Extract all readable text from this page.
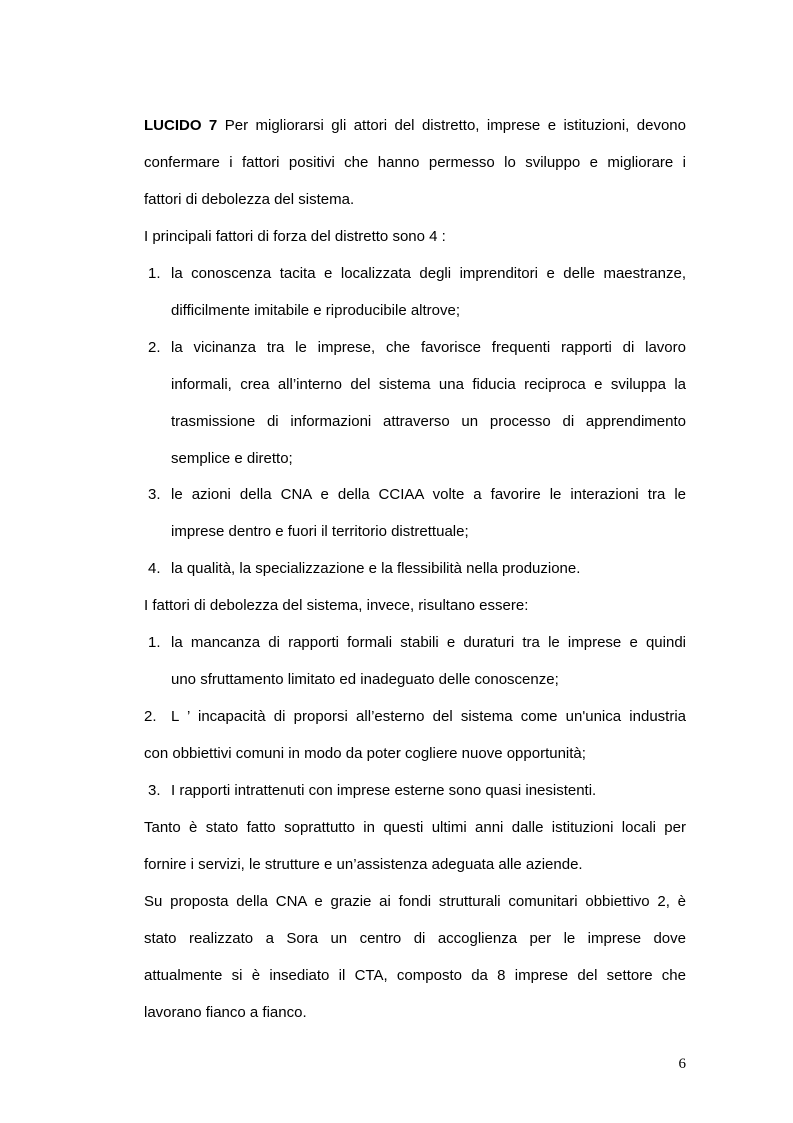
LUCIDO 7 Per migliorarsi gli attori del distretto, imprese e istituzioni, devono

confermare i fattori positivi che hanno permesso lo sviluppo e migliorare i

fattori di debolezza del sistema.

I principali fattori di forza del distretto sono 4 :

1. la conoscenza tacita e localizzata degli imprenditori e delle maestranze,
difficilmente imitabile e riproducibile altrove;
2. la vicinanza tra le imprese, che favorisce frequenti rapporti di lavoro
informali, crea all’interno del sistema una fiducia reciproca e sviluppa la
trasmissione di informazioni attraverso un processo di apprendimento
semplice e diretto;
3. le azioni della CNA e della CCIAA volte a favorire le interazioni tra le
imprese dentro e fuori il territorio distrettuale;
4. la qualità, la specializzazione e la flessibilità nella produzione.

I fattori di debolezza del sistema, invece, risultano essere:

1. la mancanza di rapporti formali stabili e duraturi tra le imprese e quindi
uno sfruttamento limitato ed inadeguato delle conoscenze;
2. L ’ incapacità di proporsi all’esterno del sistema come un'unica industria
con obbiettivi comuni in modo da poter cogliere nuove opportunità;
3. I rapporti intrattenuti con imprese esterne sono quasi inesistenti.

Tanto è stato fatto soprattutto in questi ultimi anni dalle istituzioni locali per

fornire i servizi, le strutture e un’assistenza adeguata alle aziende.

Su proposta della CNA e grazie ai fondi strutturali comunitari obbiettivo 2, è

stato realizzato a Sora un centro di accoglienza per le imprese dove

attualmente si è insediato il CTA, composto da 8 imprese del settore che

lavorano fianco a fianco.

6
